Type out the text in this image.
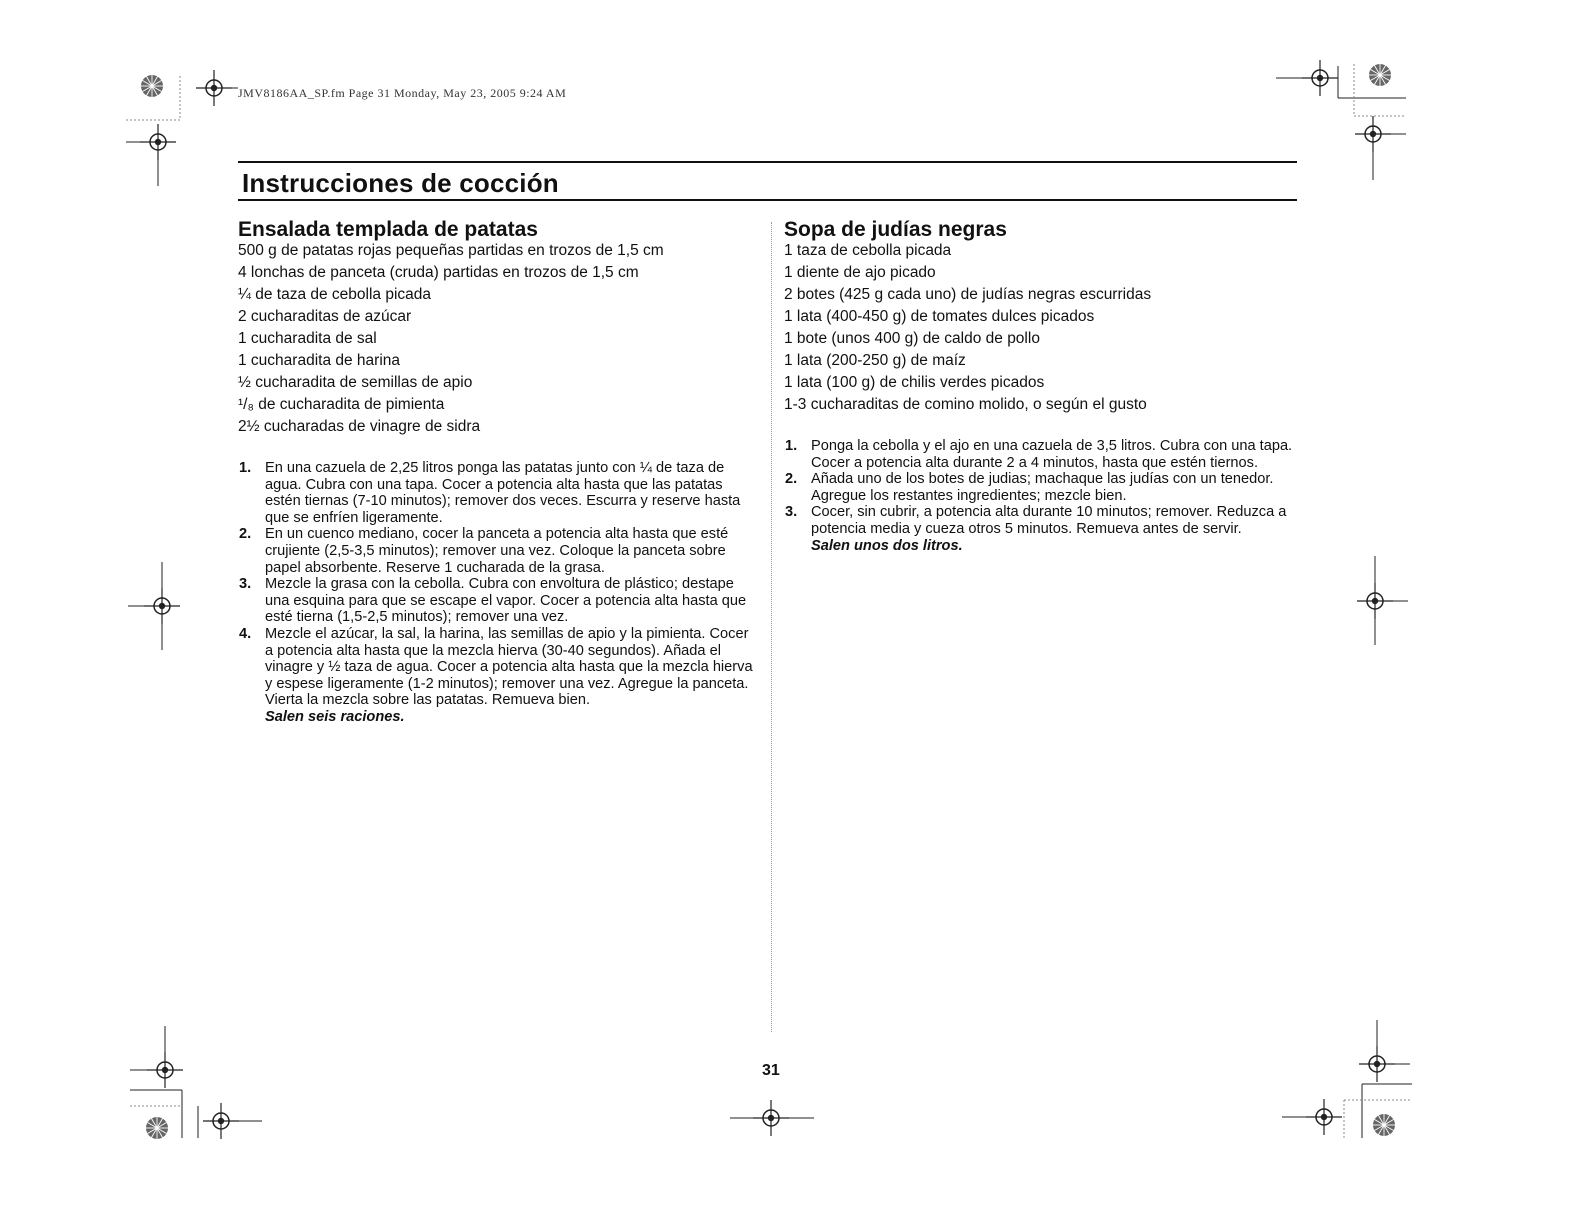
JMV8186AA_SP.fm Page 31 Monday, May 23, 2005 9:24 AM
Instrucciones de cocción
Ensalada templada de patatas
500 g de patatas rojas pequeñas partidas en trozos de 1,5 cm
4 lonchas de panceta (cruda) partidas en trozos de 1,5 cm
¼ de taza de cebolla picada
2 cucharaditas de azúcar
1 cucharadita de sal
1 cucharadita de harina
½ cucharadita de semillas de apio
¹/₈ de cucharadita de pimienta
2½ cucharadas de vinagre de sidra
1. En una cazuela de 2,25 litros ponga las patatas junto con ¼ de taza de agua. Cubra con una tapa. Cocer a potencia alta hasta que las patatas estén tiernas (7-10 minutos); remover dos veces. Escurra y reserve hasta que se enfríen ligeramente.
2. En un cuenco mediano, cocer la panceta a potencia alta hasta que esté crujiente (2,5-3,5 minutos); remover una vez. Coloque la panceta sobre papel absorbente. Reserve 1 cucharada de la grasa.
3. Mezcle la grasa con la cebolla. Cubra con envoltura de plástico; destape una esquina para que se escape el vapor. Cocer a potencia alta hasta que esté tierna (1,5-2,5 minutos); remover una vez.
4. Mezcle el azúcar, la sal, la harina, las semillas de apio y la pimienta. Cocer a potencia alta hasta que la mezcla hierva (30-40 segundos). Añada el vinagre y ½ taza de agua. Cocer a potencia alta hasta que la mezcla hierva y espese ligeramente (1-2 minutos); remover una vez. Agregue la panceta. Vierta la mezcla sobre las patatas. Remueva bien.
Salen seis raciones.
Sopa de judías negras
1 taza de cebolla picada
1 diente de ajo picado
2 botes (425 g cada uno) de judías negras escurridas
1 lata (400-450 g) de tomates dulces picados
1 bote (unos 400 g) de caldo de pollo
1 lata (200-250 g) de maíz
1 lata (100 g) de chilis verdes picados
1-3 cucharaditas de comino molido, o según el gusto
1. Ponga la cebolla y el ajo en una cazuela de 3,5 litros. Cubra con una tapa. Cocer a potencia alta durante 2 a 4 minutos, hasta que estén tiernos.
2. Añada uno de los botes de judias; machaque las judías con un tenedor. Agregue los restantes ingredientes; mezcle bien.
3. Cocer, sin cubrir, a potencia alta durante 10 minutos; remover. Reduzca a potencia media y cueza otros 5 minutos. Remueva antes de servir.
Salen unos dos litros.
31
